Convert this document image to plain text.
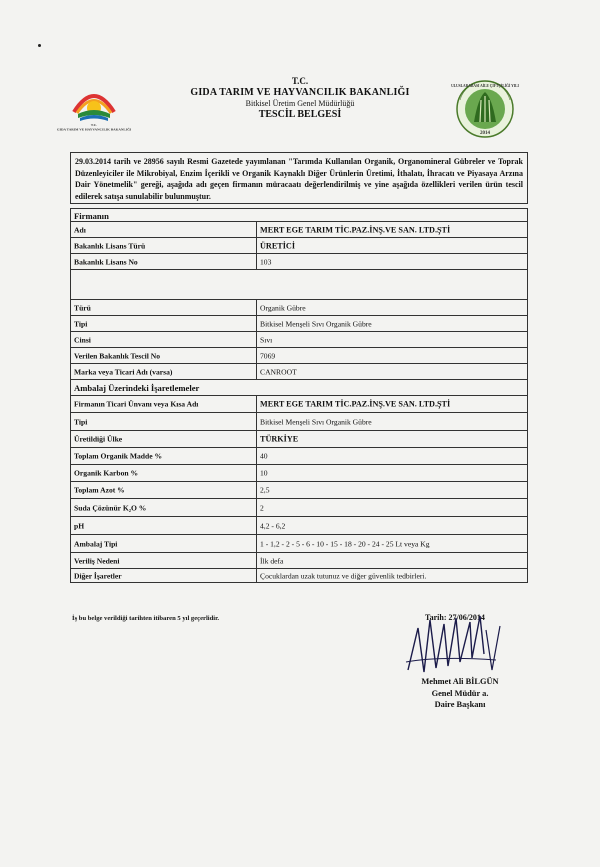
T.C.
GIDA TARIM VE HAYVANCILIK BAKANLIĞI
ULUSLARARASI AİLE ÇİFTÇİLİĞİ YILI
2014
T.C.
GIDA TARIM VE HAYVANCILIK BAKANLIĞI
Bitkisel Üretim Genel Müdürlüğü
TESCİL BELGESİ
29.03.2014 tarih ve 28956 sayılı Resmi Gazetede yayımlanan "Tarımda Kullanılan Organik, Organomineral Gübreler ve Toprak Düzenleyiciler ile Mikrobiyal, Enzim İçerikli ve Organik Kaynaklı Diğer Ürünlerin Üretimi, İthalatı, İhracatı ve Piyasaya Arzına Dair Yönetmelik" gereği, aşağıda adı geçen firmanın müracaatı değerlendirilmiş ve yine aşağıda özellikleri verilen ürün tescil edilerek satışa sunulabilir bulunmuştur.
Firmanın
Adı	MERT EGE TARIM TİC.PAZ.İNŞ.VE SAN. LTD.ŞTİ
Bakanlık Lisans Türü	ÜRETİCİ
Bakanlık Lisans No	103
Türü	Organik Gübre
Tipi	Bitkisel Menşeli Sıvı Organik Gübre
Cinsi	Sıvı
Verilen Bakanlık Tescil No	7069
Marka veya Ticari Adı (varsa)	CANROOT
Ambalaj Üzerindeki İşaretlemeler
Firmanın Ticari Ünvanı veya Kısa Adı	MERT EGE TARIM TİC.PAZ.İNŞ.VE SAN. LTD.ŞTİ
Tipi	Bitkisel Menşeli Sıvı Organik Gübre
Üretildiği Ülke	TÜRKİYE
Toplam Organik Madde %	40
Organik Karbon %	10
Toplam Azot %	2,5
Suda Çözünür K₂O %	2
pH	4,2 - 6,2
Ambalaj Tipi	1 - 1,2 - 2 - 5 - 6 - 10 - 15 - 18 - 20 - 24 - 25 Lt veya Kg
Veriliş Nedeni	İlk defa
Diğer İşaretler	Çocuklardan uzak tutunuz ve diğer güvenlik tedbirleri.
İş bu belge verildiği tarihten itibaren 5 yıl geçerlidir.	Tarih: 27/06/2014
Mehmet Ali BİLGÜN
Genel Müdür a.
Daire Başkanı
